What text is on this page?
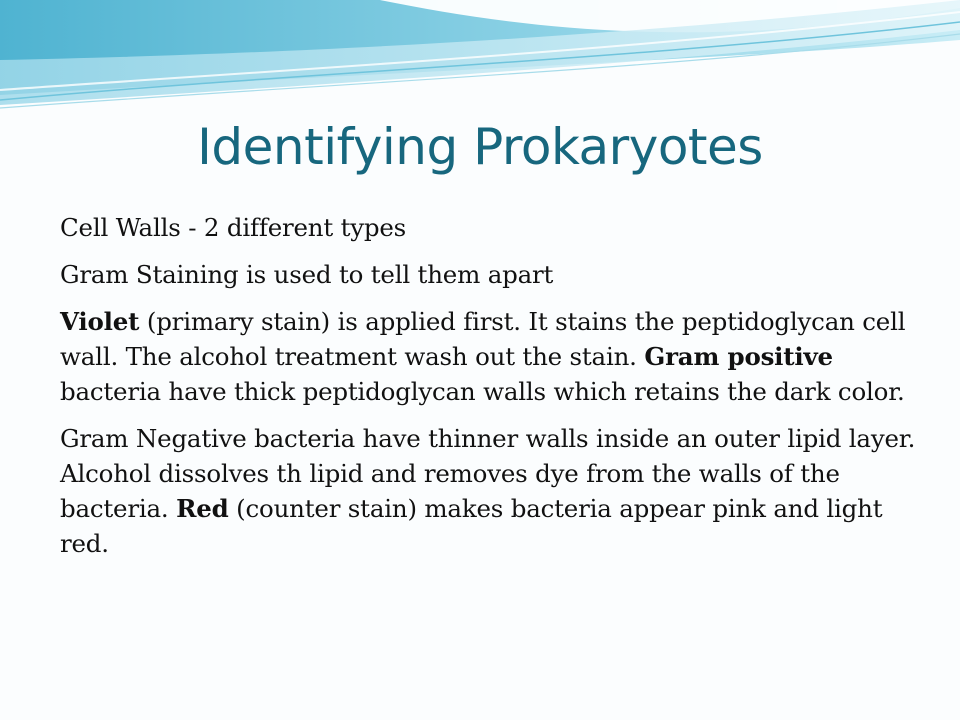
Identifying Prokaryotes

Cell Walls - 2 different types

Gram Staining is used to tell them apart

Violet (primary stain) is applied first. It stains the peptidoglycan cell wall. The alcohol treatment wash out the stain. Gram positive bacteria have thick peptidoglycan walls which retains the dark color.

Gram Negative bacteria have thinner walls inside an outer lipid layer. Alcohol dissolves th lipid and removes dye from the walls of the bacteria. Red (counter stain) makes bacteria appear pink and light red.
